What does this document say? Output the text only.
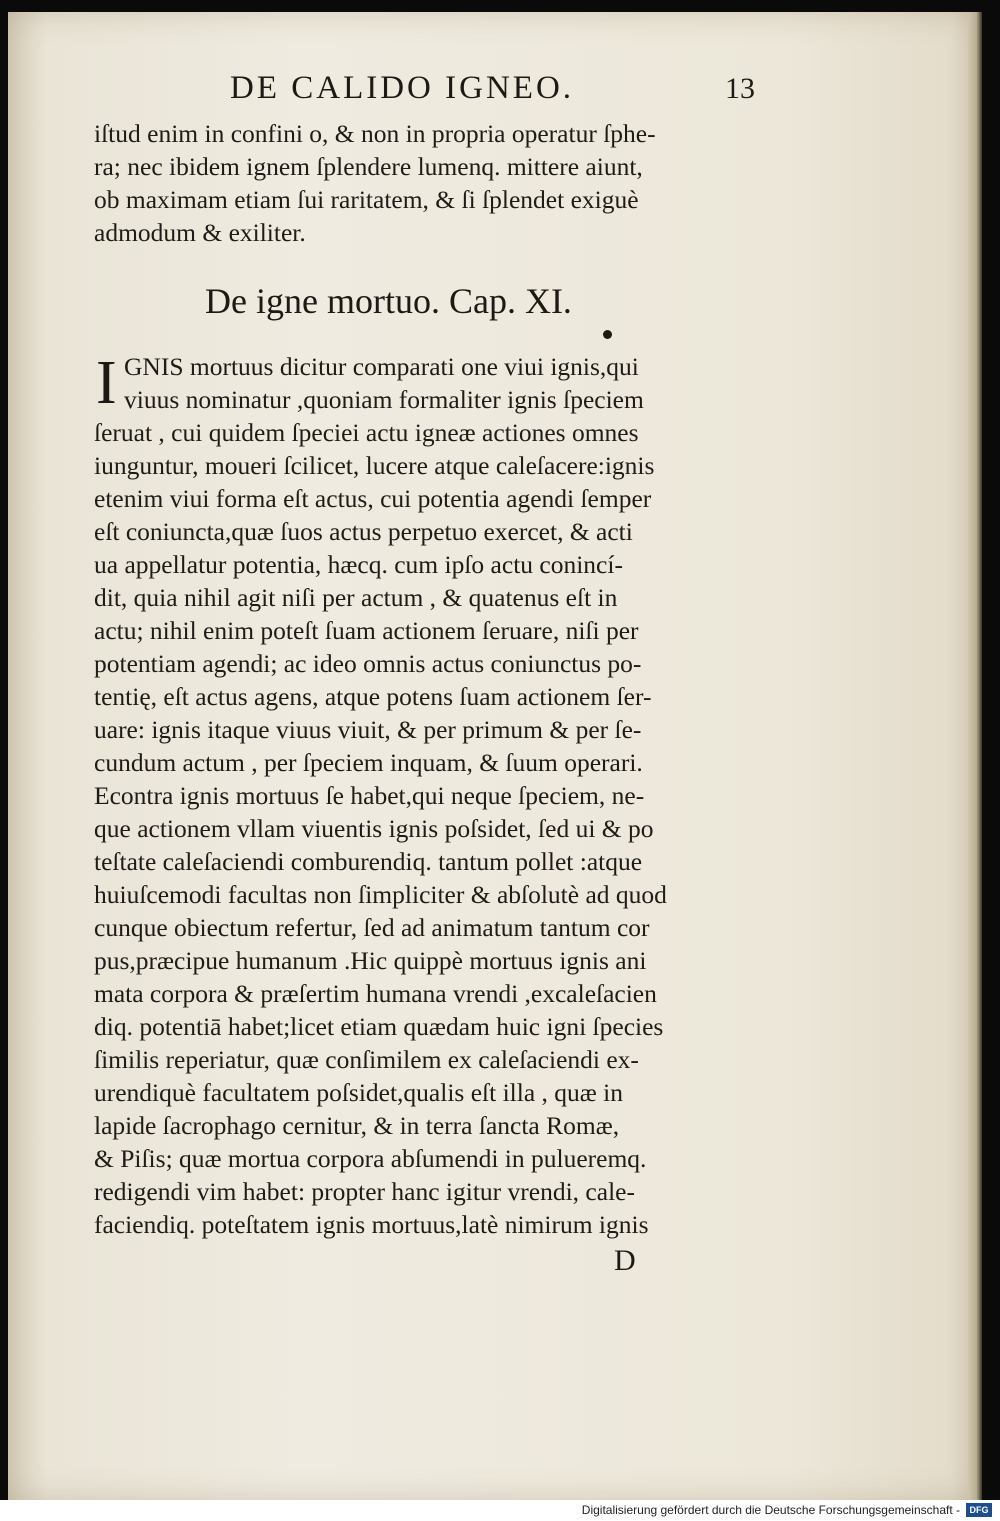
DE CALIDO IGNEO.	13
iſtud enim in confini o, & non in propria operatur ſphe-
ra; nec ibidem ignem ſplendere lumenq. mittere aiunt,
ob maximam etiam ſui raritatem, & ſi ſplendet exiguè
admodum & exiliter.
De igne mortuo. Cap. XI.
I GNIS mortuus dicitur comparati one viui ignis,qui
viuus nominatur ,quoniam formaliter ignis ſpeciem
ſeruat , cui quidem ſpeciei actu igneæ actiones omnes
iunguntur, moueri ſcilicet, lucere atque caleſacere:ignis
etenim viui forma eſt actus, cui potentia agendi ſemper
eſt coniuncta,quæ ſuos actus perpetuo exercet, & acti
ua appellatur potentia, hæcq. cum ipſo actu conincí-
dit, quia nihil agit niſi per actum , & quatenus eſt in
actu; nihil enim poteſt ſuam actionem ſeruare, niſi per
potentiam agendi; ac ideo omnis actus coniunctus po-
tentię, eſt actus agens, atque potens ſuam actionem ſer-
uare: ignis itaque viuus viuit, & per primum & per ſe-
cundum actum , per ſpeciem inquam, & ſuum operari.
Econtra ignis mortuus ſe habet,qui neque ſpeciem, ne-
que actionem vllam viuentis ignis poſsidet, ſed ui & po
teſtate caleſaciendi comburendiq. tantum pollet :atque
huiuſcemodi facultas non ſimpliciter & abſolutè ad quod
cunque obiectum refertur, ſed ad animatum tantum cor
pus,præcipue humanum .Hic quippè mortuus ignis ani
mata corpora & præſertim humana vrendi ,excaleſacien
diq. potentiā habet;licet etiam quædam huic igni ſpecies
ſimilis reperiatur, quæ conſimilem ex caleſaciendi ex-
urendiquè facultatem poſsidet,qualis eſt illa , quæ in
lapide ſacrophago cernitur, & in terra ſancta Romæ,
& Piſis; quæ mortua corpora abſumendi in pulueremq.
redigendi vim habet: propter hanc igitur vrendi, cale-
faciendiq. poteſtatem ignis mortuus,latè nimirum ignis
D
Digitalisierung gefördert durch die Deutsche Forschungsgemeinschaft -	DFG
